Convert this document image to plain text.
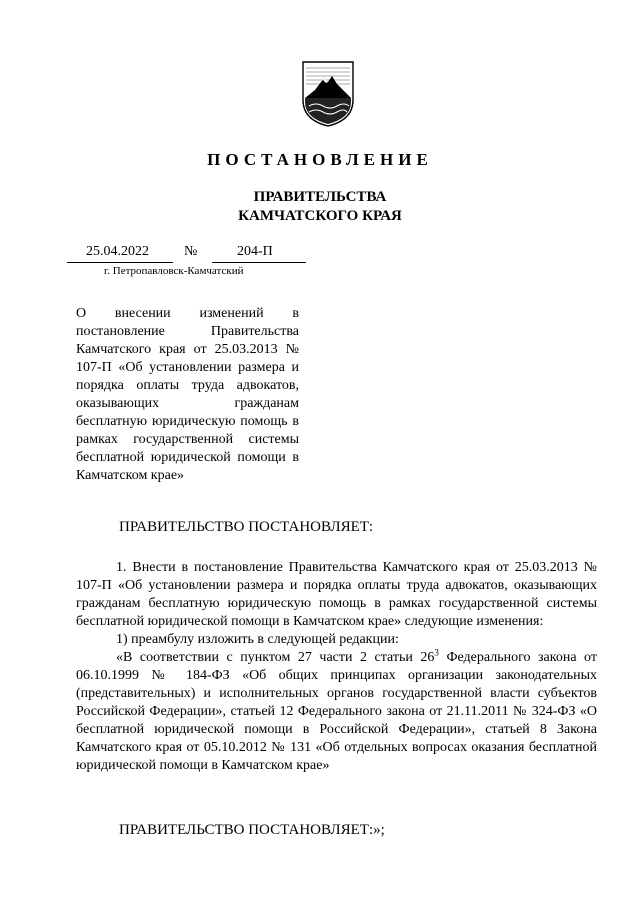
ПОСТАНОВЛЕНИЕ
ПРАВИТЕЛЬСТВА
КАМЧАТСКОГО КРАЯ
25.04.2022	№	204-П
г. Петропавловск-Камчатский
О внесении изменений в постановление Правительства Камчатского края от 25.03.2013 № 107-П «Об установлении размера и порядка оплаты труда адвокатов, оказывающих гражданам бесплатную юридическую помощь в рамках государственной системы бесплатной юридической помощи в Камчатском крае»
ПРАВИТЕЛЬСТВО ПОСТАНОВЛЯЕТ:

1. Внести в постановление Правительства Камчатского края от 25.03.2013 № 107-П «Об установлении размера и порядка оплаты труда адвокатов, оказывающих гражданам бесплатную юридическую помощь в рамках государственной системы бесплатной юридической помощи в Камчатском крае» следующие изменения:

1) преамбулу изложить в следующей редакции:

«В соответствии с пунктом 27 части 2 статьи $26^3$ Федерального закона от 06.10.1999 № 184-ФЗ «Об общих принципах организации законодательных (представительных) и исполнительных органов государственной власти субъектов Российской Федерации», статьей 12 Федерального закона от 21.11.2011 № 324-ФЗ «О бесплатной юридической помощи в Российской Федерации», статьей 8 Закона Камчатского края от 05.10.2012 № 131 «Об отдельных вопросах оказания бесплатной юридической помощи в Камчатском крае»

ПРАВИТЕЛЬСТВО ПОСТАНОВЛЯЕТ:»;
